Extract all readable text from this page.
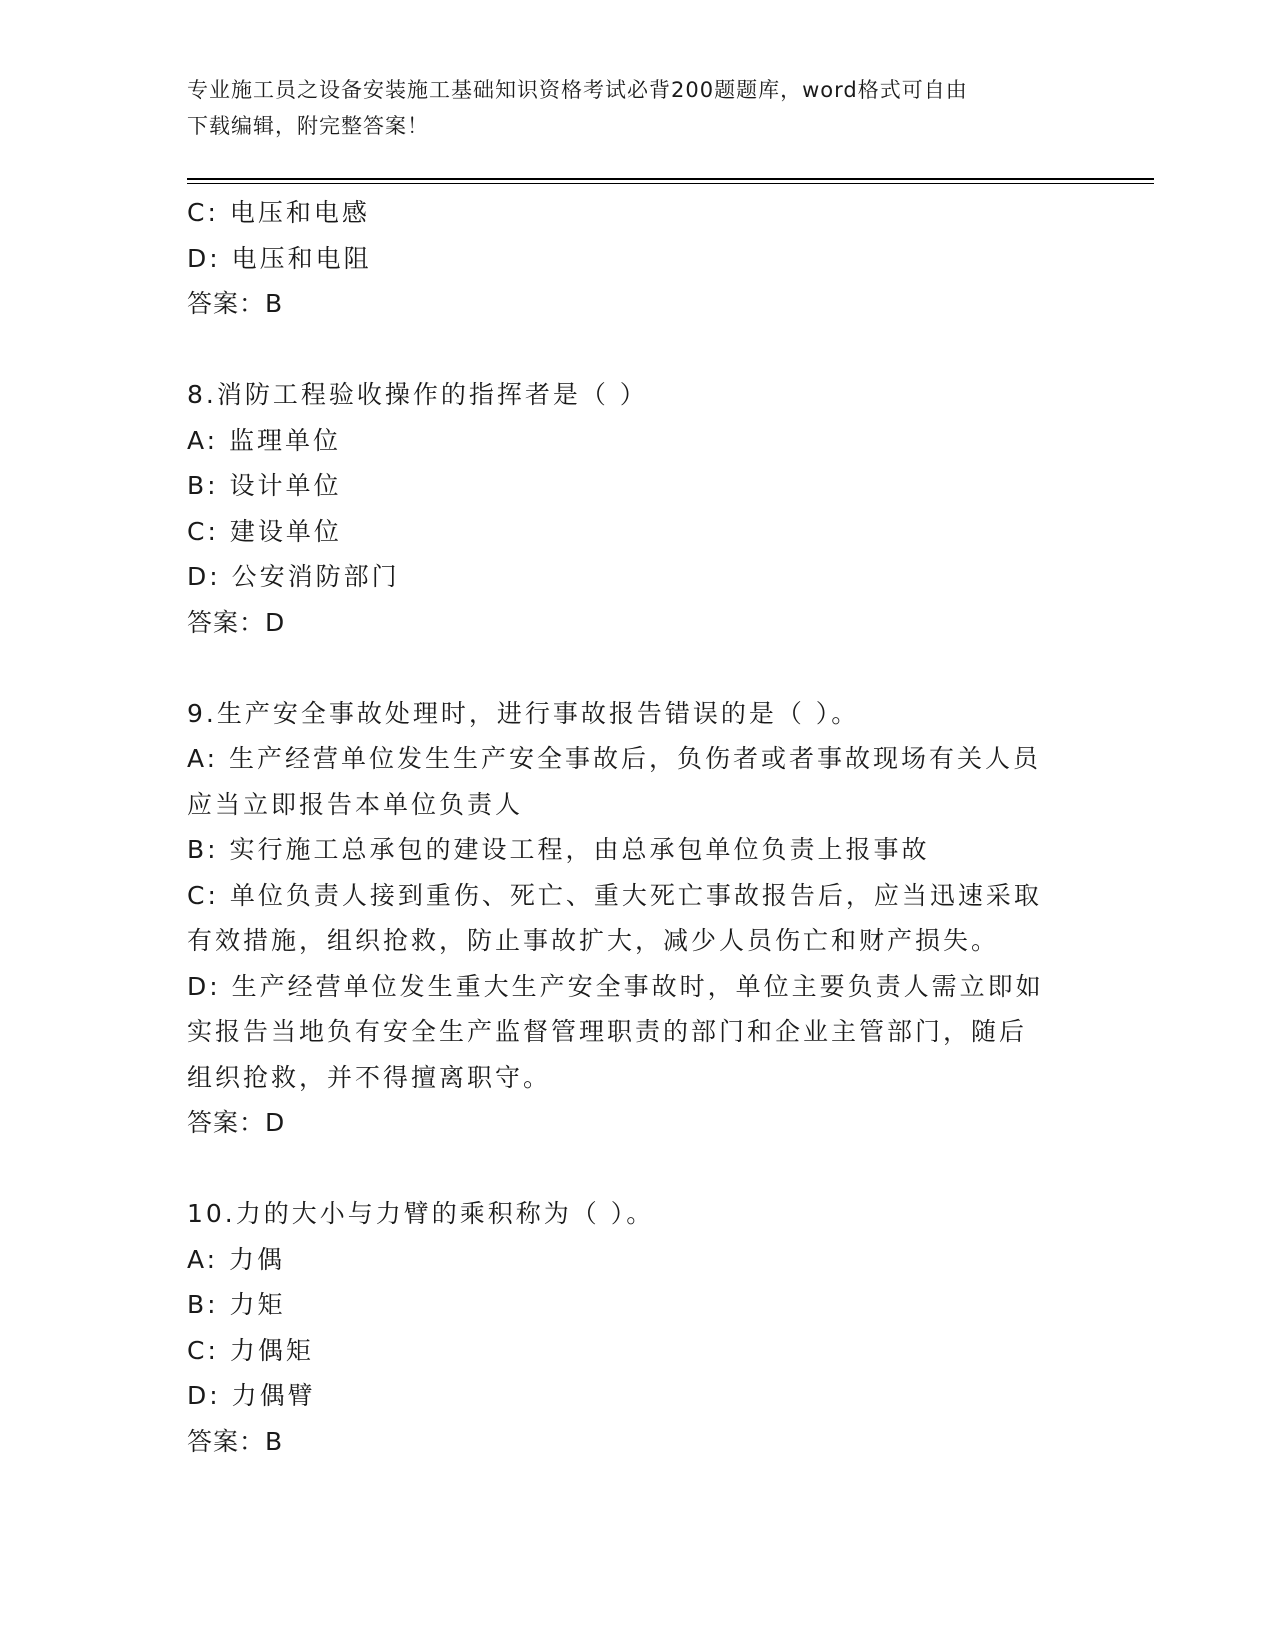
专业施工员之设备安装施工基础知识资格考试必背200题题库，word格式可自由
下载编辑，附完整答案！
C: 电压和电感
D: 电压和电阻
答案：B
8.消防工程验收操作的指挥者是（ ）
A: 监理单位
B: 设计单位
C: 建设单位
D: 公安消防部门
答案：D
9.生产安全事故处理时，进行事故报告错误的是（ ）。
A: 生产经营单位发生生产安全事故后，负伤者或者事故现场有关人员
应当立即报告本单位负责人
B: 实行施工总承包的建设工程，由总承包单位负责上报事故
C: 单位负责人接到重伤、死亡、重大死亡事故报告后，应当迅速采取
有效措施，组织抢救，防止事故扩大，减少人员伤亡和财产损失。
D: 生产经营单位发生重大生产安全事故时，单位主要负责人需立即如
实报告当地负有安全生产监督管理职责的部门和企业主管部门，随后
组织抢救，并不得擅离职守。
答案：D
10.力的大小与力臂的乘积称为（ ）。
A: 力偶
B: 力矩
C: 力偶矩
D: 力偶臂
答案：B
